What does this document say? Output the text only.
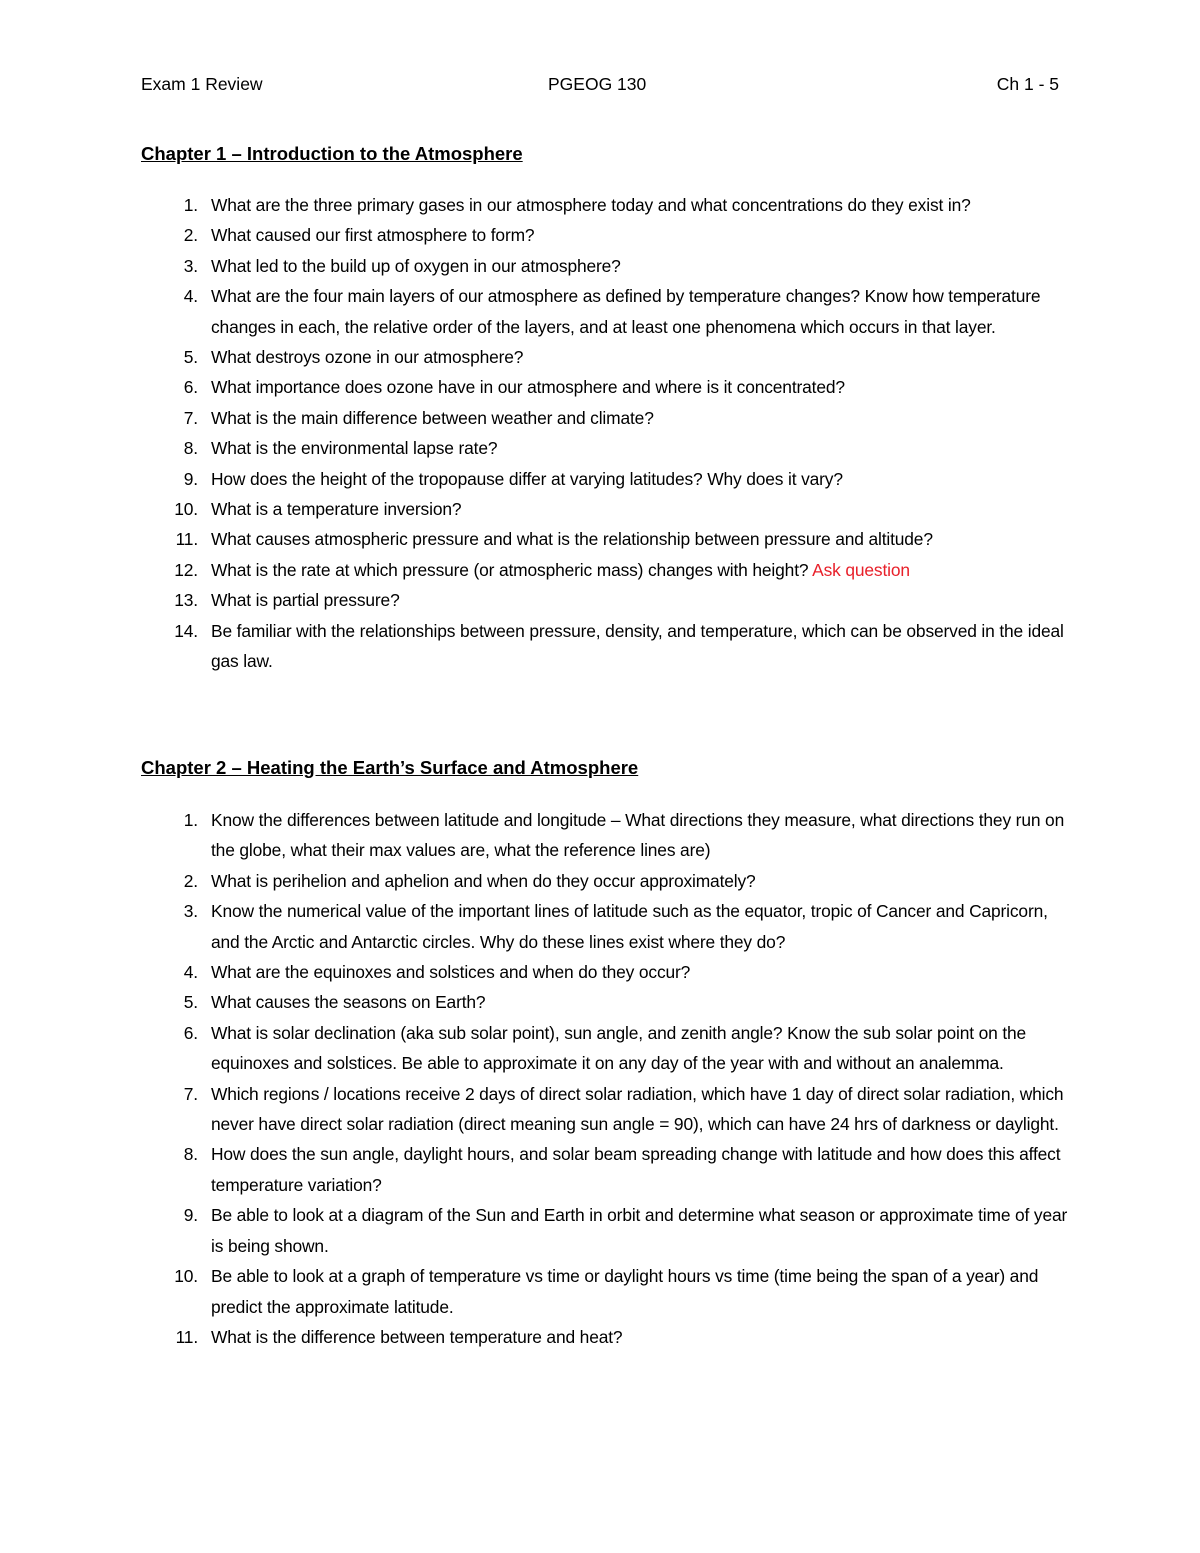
Exam 1 Review	PGEOG 130	Ch 1 - 5
Chapter 1 – Introduction to the Atmosphere
1. What are the three primary gases in our atmosphere today and what concentrations do they exist in?
2. What caused our first atmosphere to form?
3. What led to the build up of oxygen in our atmosphere?
4. What are the four main layers of our atmosphere as defined by temperature changes? Know how temperature changes in each, the relative order of the layers, and at least one phenomena which occurs in that layer.
5. What destroys ozone in our atmosphere?
6. What importance does ozone have in our atmosphere and where is it concentrated?
7. What is the main difference between weather and climate?
8. What is the environmental lapse rate?
9. How does the height of the tropopause differ at varying latitudes? Why does it vary?
10. What is a temperature inversion?
11. What causes atmospheric pressure and what is the relationship between pressure and altitude?
12. What is the rate at which pressure (or atmospheric mass) changes with height? Ask question
13. What is partial pressure?
14. Be familiar with the relationships between pressure, density, and temperature, which can be observed in the ideal gas law.
Chapter 2 – Heating the Earth’s Surface and Atmosphere
1. Know the differences between latitude and longitude – What directions they measure, what directions they run on the globe, what their max values are, what the reference lines are)
2. What is perihelion and aphelion and when do they occur approximately?
3. Know the numerical value of the important lines of latitude such as the equator, tropic of Cancer and Capricorn, and the Arctic and Antarctic circles. Why do these lines exist where they do?
4. What are the equinoxes and solstices and when do they occur?
5. What causes the seasons on Earth?
6. What is solar declination (aka sub solar point), sun angle, and zenith angle? Know the sub solar point on the equinoxes and solstices. Be able to approximate it on any day of the year with and without an analemma.
7. Which regions / locations receive 2 days of direct solar radiation, which have 1 day of direct solar radiation, which never have direct solar radiation (direct meaning sun angle = 90), which can have 24 hrs of darkness or daylight.
8. How does the sun angle, daylight hours, and solar beam spreading change with latitude and how does this affect temperature variation?
9. Be able to look at a diagram of the Sun and Earth in orbit and determine what season or approximate time of year is being shown.
10. Be able to look at a graph of temperature vs time or daylight hours vs time (time being the span of a year) and predict the approximate latitude.
11. What is the difference between temperature and heat?
